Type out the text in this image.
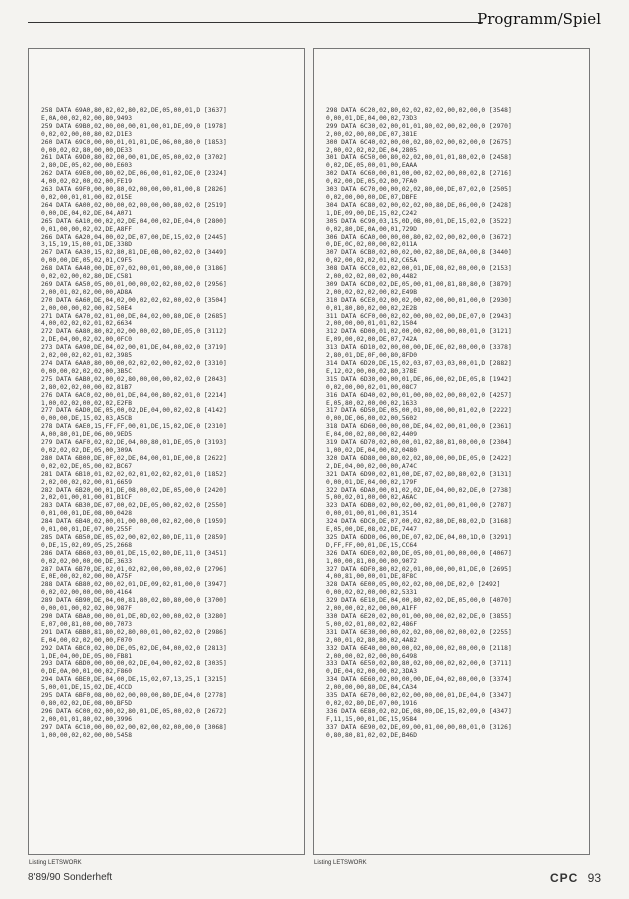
Programm/Spiel
258 DATA 69A0,80,02,02,80,02,DE,05,00,01,D [3637]
E,0A,00,02,02,00,80,9493
259 DATA 69B0,02,00,00,00,01,00,01,DE,09,0 [1978]
0,02,02,00,00,80,02,D1E3
260 DATA 69C0,00,00,01,01,01,DE,06,00,80,0 [1853]
0,00,02,02,80,00,00,DE33
261 DATA 69D0,80,02,00,00,01,DE,05,00,02,0 [3702]
2,80,DE,05,02,00,00,E603
262 DATA 69E0,00,80,02,DE,06,00,01,02,DE,0 [2324]
4,00,02,02,00,02,00,FE19
263 DATA 69F0,00,00,80,02,00,00,00,01,00,8 [2826]
0,02,00,01,01,00,02,015E
264 DATA 6A00,02,00,00,02,00,00,00,80,02,0 [2519]
0,00,DE,04,02,DE,04,A071
265 DATA 6A10,00,02,02,DE,04,00,02,DE,04,0 [2800]
0,01,00,00,02,02,DE,A8FF
266 DATA 6A20,04,00,02,DE,07,00,DE,15,02,0 [2445]
3,15,19,15,00,01,DE,338D
267 DATA 6A30,15,02,80,81,DE,0B,00,02,02,0 [3449]
0,00,00,DE,05,02,01,C9F5
268 DATA 6A40,00,DE,07,02,00,01,00,80,00,0 [3186]
0,02,02,00,02,80,DE,C581
269 DATA 6A50,05,00,01,00,00,02,02,00,02,0 [2956]
2,00,01,02,02,00,00,AD8A
270 DATA 6A60,DE,04,02,00,02,02,02,00,02,0 [3504]
2,00,00,00,02,00,02,50E4
271 DATA 6A70,02,01,00,DE,04,02,00,80,DE,0 [2685]
4,00,02,02,02,01,02,6634
272 DATA 6A80,80,02,02,00,00,02,80,DE,05,0 [3112]
2,DE,04,00,02,02,00,0FC0
273 DATA 6A90,DE,04,02,00,01,DE,04,00,02,0 [3719]
2,02,00,02,02,01,02,3985
274 DATA 6AA0,80,00,00,02,02,02,00,02,02,0 [3310]
0,00,00,02,02,02,00,3B5C
275 DATA 6AB0,02,00,02,80,00,00,00,02,02,0 [2043]
2,80,02,02,00,00,02,81B7
276 DATA 6AC0,02,00,01,DE,04,00,80,02,01,0 [2214]
1,00,02,02,00,02,02,E2FB
277 DATA 6AD0,DE,05,00,02,DE,04,00,02,02,8 [4142]
0,00,00,DE,15,02,03,A5CB
278 DATA 6AE0,15,FF,FF,00,01,DE,15,02,DE,0 [2310]
A,00,80,01,DE,06,00,9ED5
279 DATA 6AF0,02,02,DE,04,00,80,01,DE,05,0 [3193]
0,02,02,02,DE,05,00,309A
280 DATA 6B00,DE,0F,02,DE,04,00,01,DE,00,8 [2622]
0,02,02,DE,05,00,02,BC67
281 DATA 6B10,01,02,02,02,01,02,02,02,01,0 [1852]
2,02,00,02,02,00,01,6659
282 DATA 6B20,00,01,DE,08,00,02,DE,05,00,0 [2420]
2,02,01,00,01,00,01,B1CF
283 DATA 6B30,DE,07,00,02,DE,05,00,02,02,0 [2550]
0,01,00,01,DE,08,00,0428
284 DATA 6B40,02,00,01,00,00,00,02,02,00,0 [1959]
0,01,00,01,DE,07,00,255F
285 DATA 6B50,DE,05,02,00,02,02,80,DE,11,0 [2859]
0,DE,15,02,09,05,25,2668
286 DATA 6B60,03,00,01,DE,15,02,80,DE,11,0 [3451]
0,02,02,00,00,00,DE,3633
287 DATA 6B70,DE,02,01,02,02,00,00,00,02,0 [2796]
E,0E,00,02,02,00,00,A75F
288 DATA 6B80,02,00,02,01,DE,09,02,01,00,0 [3947]
0,02,02,00,00,00,00,4164
289 DATA 6B90,DE,04,00,81,80,02,80,80,00,0 [3700]
0,00,01,00,02,02,00,987F
290 DATA 6BA0,00,00,01,DE,0D,02,00,00,02,0 [3280]
E,07,00,81,00,00,00,7073
291 DATA 6BB0,81,80,02,80,00,01,00,02,02,0 [2986]
E,04,00,02,02,00,00,F070
292 DATA 6BC0,02,00,DE,05,02,DE,04,00,02,0 [2813]
1,DE,04,00,DE,05,00,FB81
293 DATA 6BD0,00,00,00,02,DE,04,00,02,02,8 [3035]
0,DE,0A,00,01,00,02,F860
294 DATA 6BE0,DE,04,00,DE,15,02,07,13,25,1 [3215]
5,00,01,DE,15,02,DE,4CCD
295 DATA 6BF0,08,00,02,00,00,00,80,DE,04,0 [2778]
0,80,02,02,DE,08,00,BF5D
296 DATA 6C00,02,00,02,80,01,DE,05,00,02,0 [2672]
2,00,01,01,80,02,00,3996
297 DATA 6C10,00,00,02,00,02,00,02,00,00,0 [3068]
1,00,00,02,02,00,00,5458
Listing LETSWORK
298 DATA 6C20,02,80,02,02,02,02,00,02,00,0 [3548]
0,00,01,DE,04,00,02,73D3
299 DATA 6C30,02,00,01,01,80,02,00,02,00,0 [2970]
2,00,02,00,00,DE,07,381E
300 DATA 6C40,02,00,00,02,80,02,00,02,00,0 [2675]
2,00,02,02,02,DE,04,2805
301 DATA 6C50,00,80,02,02,00,01,01,80,02,0 [2458]
0,02,DE,05,00,01,00,EAAA
302 DATA 6C60,00,01,00,00,02,02,00,00,02,8 [2716]
0,02,00,DE,05,02,00,7FA0
303 DATA 6C70,00,00,02,02,80,00,DE,07,02,0 [2505]
0,02,00,00,00,DE,07,DBFE
304 DATA 6C80,02,00,02,02,00,80,DE,06,00,0 [2428]
1,DE,09,00,DE,15,02,C242
305 DATA 6C90,03,15,0D,0B,00,01,DE,15,02,0 [3522]
0,02,80,DE,0A,00,01,729D
306 DATA 6CA0,00,00,00,80,02,02,00,02,00,0 [3672]
0,DE,0C,02,00,00,02,011A
307 DATA 6CB0,02,00,02,00,02,80,DE,0A,00,8 [3440]
0,02,00,02,02,01,02,C65A
308 DATA 6CC0,02,02,00,01,DE,08,02,00,00,0 [2153]
2,00,02,02,00,02,00,4482
309 DATA 6CD0,02,DE,05,00,01,00,81,80,80,0 [3879]
2,00,02,02,02,00,02,E49B
310 DATA 6CE0,02,00,02,00,02,00,00,01,00,0 [2930]
0,01,80,80,02,00,02,2E2B
311 DATA 6CF0,00,02,02,00,00,02,00,DE,07,0 [2943]
2,00,00,00,01,01,02,1504
312 DATA 6D00,01,02,00,00,02,00,00,00,01,0 [3121]
E,09,00,02,00,DE,07,742A
313 DATA 6D10,02,00,00,00,DE,0E,02,00,00,0 [3378]
2,80,01,DE,0F,00,80,8FD0
314 DATA 6D20,DE,15,02,03,07,03,03,00,01,D [2882]
E,12,02,00,00,02,80,378E
315 DATA 6D30,00,00,01,DE,06,00,02,DE,05,8 [1942]
0,02,00,00,02,01,00,08C7
316 DATA 6D40,02,00,01,00,00,02,00,00,02,0 [4257]
E,05,80,02,00,00,02,1633
317 DATA 6D50,DE,05,00,01,00,00,00,01,02,0 [2222]
0,00,DE,06,00,02,00,5602
318 DATA 6D60,00,00,00,DE,04,02,00,01,00,0 [2361]
E,04,00,02,00,00,02,4409
319 DATA 6D70,02,00,00,01,02,80,81,00,00,0 [2304]
1,00,02,DE,04,00,02,0480
320 DATA 6D80,00,80,02,02,80,00,00,DE,05,0 [2422]
2,DE,04,00,02,00,00,A74C
321 DATA 6D90,02,01,00,DE,07,02,80,80,02,0 [3131]
0,00,01,DE,04,00,02,179F
322 DATA 6DA0,00,01,02,02,DE,04,00,02,DE,0 [2738]
5,00,02,01,00,00,02,A6AC
323 DATA 6DB0,02,00,02,00,02,01,00,01,00,0 [2787]
0,00,01,00,01,00,01,3514
324 DATA 6DC0,DE,07,00,02,02,80,DE,08,02,D [3168]
E,05,00,DE,08,02,DE,7447
325 DATA 6DD0,06,00,DE,07,02,DE,04,00,1D,0 [3291]
D,FF,FF,00,01,DE,15,CC64
326 DATA 6DE0,02,80,DE,05,00,01,00,00,00,0 [4067]
1,00,00,81,00,00,00,9072
327 DATA 6DF0,80,02,02,01,00,00,00,01,DE,0 [2695]
4,00,81,00,00,01,DE,8F8C
328 DATA 6E00,05,00,02,02,00,00,DE,02,0 [2492]
0,00,02,02,00,00,02,5331
329 DATA 6E10,DE,04,00,80,02,02,DE,05,00,0 [4070]
2,00,00,02,02,00,00,A1FF
330 DATA 6E20,02,00,01,00,00,00,02,02,DE,0 [3855]
5,00,02,01,00,02,02,486F
331 DATA 6E30,00,00,02,02,00,00,02,00,02,0 [2255]
2,00,01,02,80,80,02,4A82
332 DATA 6E40,00,00,00,02,00,00,02,00,00,0 [2118]
2,00,00,02,02,00,00,6498
333 DATA 6E50,02,80,80,02,00,00,02,02,00,0 [3711]
0,DE,04,02,00,00,02,3DA3
334 DATA 6E60,02,00,00,00,DE,04,02,00,00,0 [3374]
2,00,00,00,80,DE,04,CA34
335 DATA 6E70,00,02,02,00,00,00,01,DE,04,0 [3347]
0,02,02,80,DE,07,00,1916
336 DATA 6E80,02,02,DE,08,00,DE,15,02,09,0 [4347]
F,11,15,00,01,DE,15,9584
337 DATA 6E90,02,DE,09,00,01,00,00,00,01,0 [3126]
0,80,80,81,02,02,DE,B46D
Listing LETSWORK
8'89/90 Sonderheft	CPC 93
